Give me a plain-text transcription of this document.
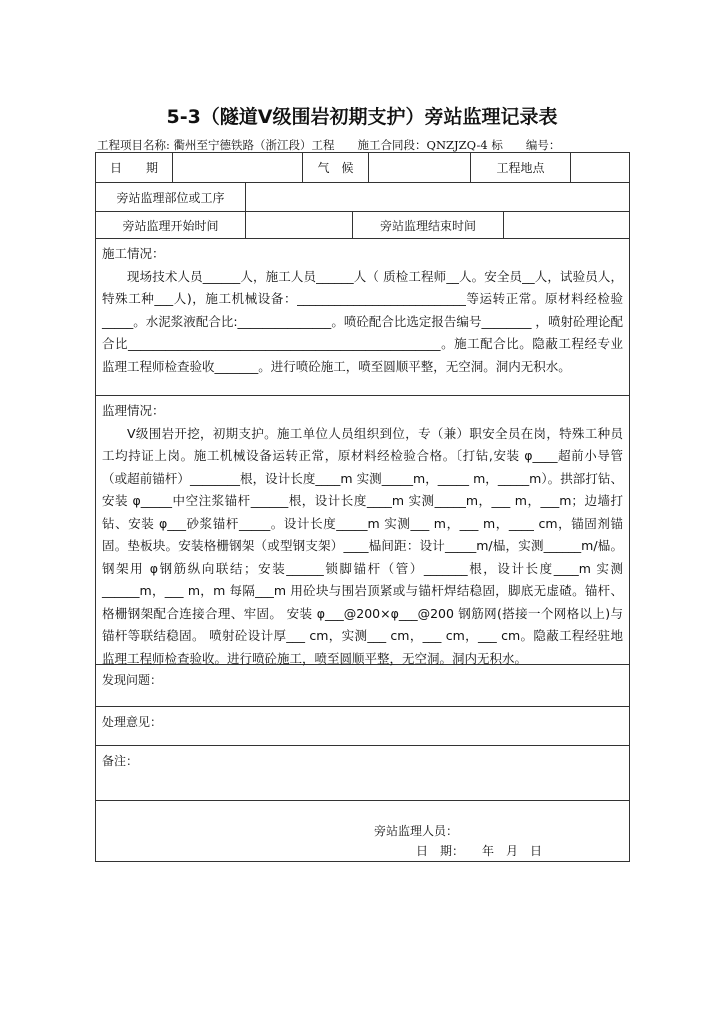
5-3（隧道Ⅴ级围岩初期支护）旁站监理记录表
工程项目名称: 衢州至宁德铁路（浙江段）工程　　 施工合同段：QNZJZQ-4 标　　 编号：
日　　期	气　候	工程地点
旁站监理部位或工序
旁站监理开始时间	旁站监理结束时间

施工情况：

现场技术人员______人，施工人员______人（ 质检工程师__人。安全员__人，试验员人，特殊工种___人)，施工机械设备：___________________________等运转正常。原材料经检验_____。水泥浆液配合比:_______________。喷砼配合比选定报告编号________ ，喷射砼理论配合比__________________________________________________。施工配合比。隐蔽工程经专业监理工程师检查验收_______。进行喷砼施工，喷至圆顺平整，无空洞。洞内无积水。

监理情况：

Ⅴ级围岩开挖，初期支护。施工单位人员组织到位，专（兼）职安全员在岗，特殊工种员工均持证上岗。施工机械设备运转正常，原材料经检验合格。〔打钻,安装 φ____超前小导管（或超前锚杆）________根，设计长度____m 实测_____m，_____ m，_____m）。拱部打钻、安装 φ_____中空注浆锚杆______根，设计长度____m 实测_____m，___ m，___m；边墙打钻、安装 φ___砂浆锚杆_____。设计长度_____m 实测___ m，___ m，____ cm，锚固剂锚固。垫板块。安装格栅钢架（或型钢支架）____榀间距：设计_____m/榀，实测______m/榀。钢架用 φ钢筋纵向联结；安装______锁脚锚杆（管）_______根，设计长度____m 实测______m，___ m，m 每隔___m 用砼块与围岩顶紧或与锚杆焊结稳固，脚底无虚碴。锚杆、格栅钢架配合连接合理、牢固。 安装 φ___@200×φ___@200 钢筋网(搭接一个网格以上)与锚杆等联结稳固。 喷射砼设计厚___ cm，实测___ cm，___ cm，___ cm。隐蔽工程经驻地监理工程师检查验收。进行喷砼施工，喷至圆顺平整，无空洞。洞内无积水。

发现问题：

处理意见：

备注：

旁站监理人员：
日　期：　　年　月　日
